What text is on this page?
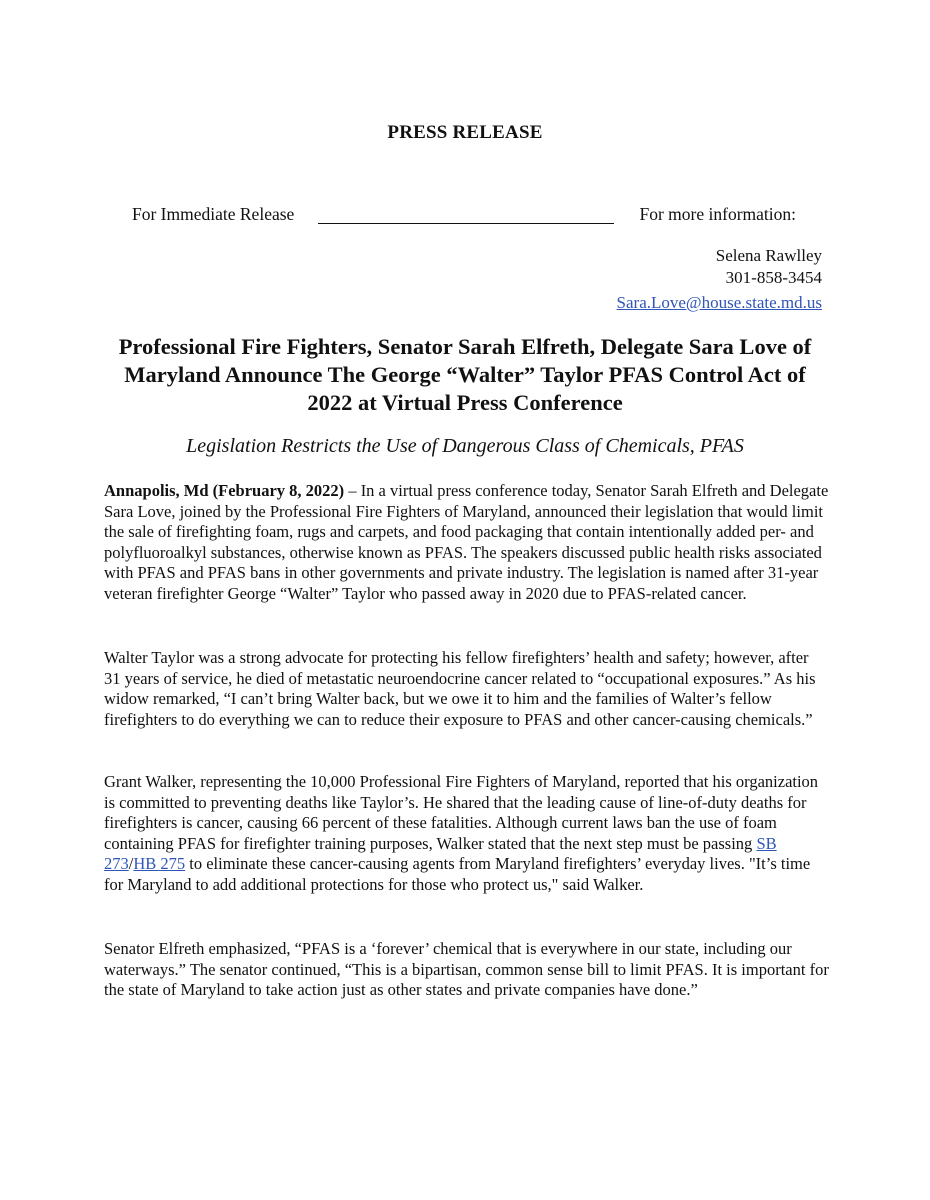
PRESS RELEASE
For Immediate Release	For more information:
Selena Rawlley
301-858-3454
Sara.Love@house.state.md.us
Professional Fire Fighters, Senator Sarah Elfreth, Delegate Sara Love of Maryland Announce The George “Walter” Taylor PFAS Control Act of 2022 at Virtual Press Conference
Legislation Restricts the Use of Dangerous Class of Chemicals, PFAS

Annapolis, Md (February 8, 2022) – In a virtual press conference today, Senator Sarah Elfreth and Delegate Sara Love, joined by the Professional Fire Fighters of Maryland, announced their legislation that would limit the sale of firefighting foam, rugs and carpets, and food packaging that contain intentionally added per- and polyfluoroalkyl substances, otherwise known as PFAS. The speakers discussed public health risks associated with PFAS and PFAS bans in other governments and private industry. The legislation is named after 31-year veteran firefighter George “Walter” Taylor who passed away in 2020 due to PFAS-related cancer.

Walter Taylor was a strong advocate for protecting his fellow firefighters’ health and safety; however, after 31 years of service, he died of metastatic neuroendocrine cancer related to “occupational exposures.” As his widow remarked, “I can’t bring Walter back, but we owe it to him and the families of Walter’s fellow firefighters to do everything we can to reduce their exposure to PFAS and other cancer-causing chemicals.”

Grant Walker, representing the 10,000 Professional Fire Fighters of Maryland, reported that his organization is committed to preventing deaths like Taylor’s. He shared that the leading cause of line-of-duty deaths for firefighters is cancer, causing 66 percent of these fatalities. Although current laws ban the use of foam containing PFAS for firefighter training purposes, Walker stated that the next step must be passing SB 273/HB 275 to eliminate these cancer-causing agents from Maryland firefighters’ everyday lives. "It’s time for Maryland to add additional protections for those who protect us," said Walker.

Senator Elfreth emphasized, “PFAS is a ‘forever’ chemical that is everywhere in our state, including our waterways.” The senator continued, “This is a bipartisan, common sense bill to limit PFAS. It is important for the state of Maryland to take action just as other states and private companies have done.”
